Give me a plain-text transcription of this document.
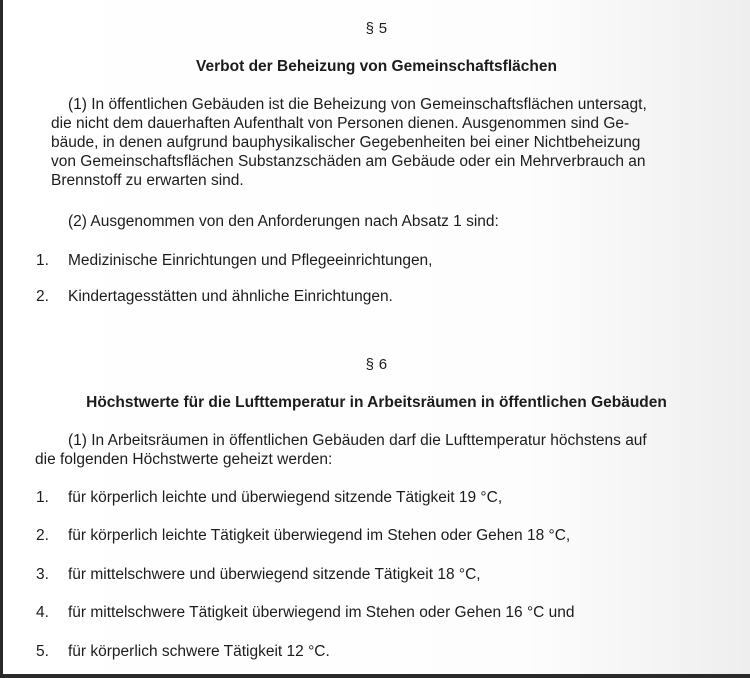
§ 5
Verbot der Beheizung von Gemeinschaftsflächen
(1) In öffentlichen Gebäuden ist die Beheizung von Gemeinschaftsflächen untersagt,
die nicht dem dauerhaften Aufenthalt von Personen dienen. Ausgenommen sind Ge-
bäude, in denen aufgrund bauphysikalischer Gegebenheiten bei einer Nichtbeheizung
von Gemeinschaftsflächen Substanzschäden am Gebäude oder ein Mehrverbrauch an
Brennstoff zu erwarten sind.
(2) Ausgenommen von den Anforderungen nach Absatz 1 sind:
1. Medizinische Einrichtungen und Pflegeeinrichtungen,
2. Kindertagesstätten und ähnliche Einrichtungen.
§ 6
Höchstwerte für die Lufttemperatur in Arbeitsräumen in öffentlichen Gebäuden
(1) In Arbeitsräumen in öffentlichen Gebäuden darf die Lufttemperatur höchstens auf
die folgenden Höchstwerte geheizt werden:
1. für körperlich leichte und überwiegend sitzende Tätigkeit 19 °C,
2. für körperlich leichte Tätigkeit überwiegend im Stehen oder Gehen 18 °C,
3. für mittelschwere und überwiegend sitzende Tätigkeit 18 °C,
4. für mittelschwere Tätigkeit überwiegend im Stehen oder Gehen 16 °C und
5. für körperlich schwere Tätigkeit 12 °C.
